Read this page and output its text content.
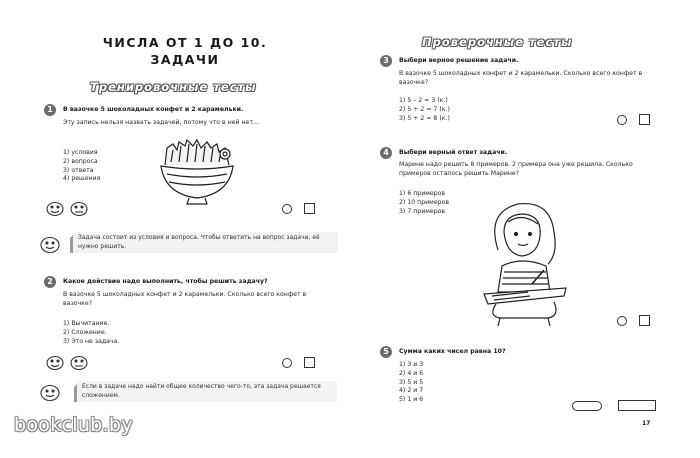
ЧИСЛА ОТ 1 ДО 10.
ЗАДАЧИ
Тренировочные тесты
1	В вазочке 5 шоколадных конфет и 2 карамельки.
Эту запись нельзя назвать задачей, потому что в ней нет...
1) условия
2) вопроса
3) ответа
4) решения
Задача состоит из условия и вопроса. Чтобы ответить на вопрос задачи, её нужно решить.
2	Какое действие надо выполнить, чтобы решить задачу?
В вазочке 5 шоколадных конфет и 2 карамельки. Сколько всего конфет в вазочке?
1) Вычитание.
2) Сложение.
3) Это не задача.
Если в задаче надо найти общее количество чего-то, эта задача решается сложением.
bookclub.by
Проверочные тесты
3	Выбери верное решение задачи.
В вазочке 5 шоколадных конфет и 2 карамельки. Сколько всего конфет в вазочке?
1) 5 – 2 = 3 (к.)
2) 5 + 2 = 7 (к.)
3) 5 + 2 = 8 (к.)
4	Выбери верный ответ задачи.
Марине надо решить 8 примеров. 2 примера она уже решила. Сколько примеров осталось решить Марине?
1) 6 примеров
2) 10 примеров
3) 7 примеров
5	Сумма каких чисел равна 10?
1) 3 и 3
2) 4 и 6
3) 5 и 5
4) 2 и 7
5) 1 и 6
17
